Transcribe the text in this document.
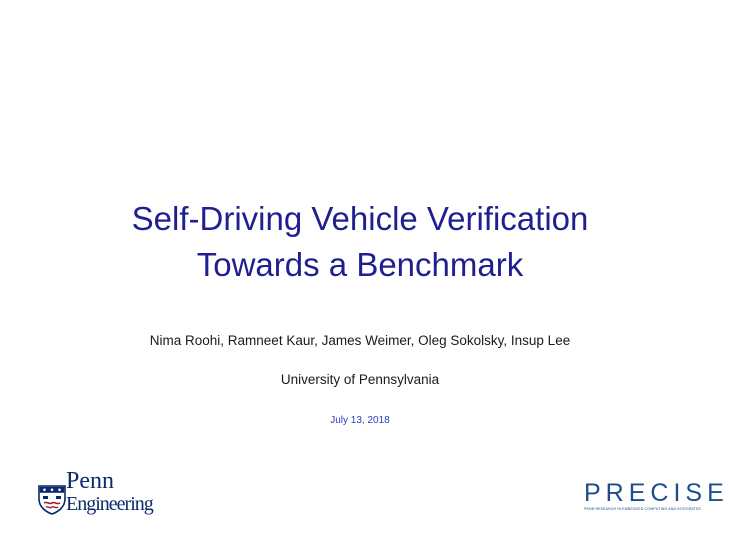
Self-Driving Vehicle Verification
Towards a Benchmark
Nima Roohi, Ramneet Kaur, James Weimer, Oleg Sokolsky, Insup Lee
University of Pennsylvania
July 13, 2018
Penn
Engineering	PRECISE
PENN RESEARCH IN EMBEDDED COMPUTING AND INTEGRATED
